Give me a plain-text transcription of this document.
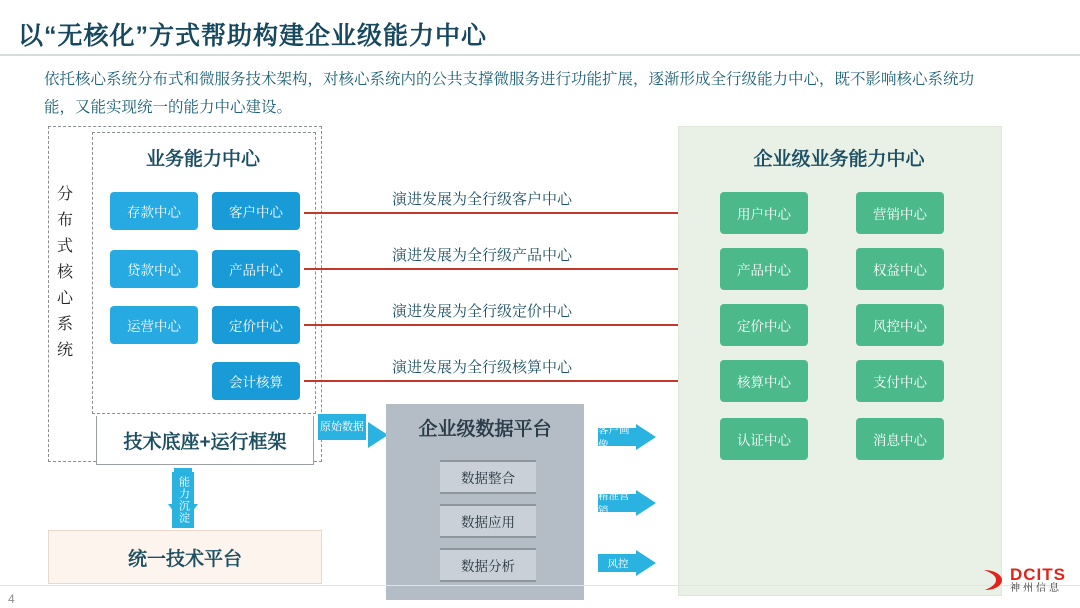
以“无核化”方式帮助构建企业级能力中心
依托核心系统分布式和微服务技术架构，对核心系统内的公共支撑微服务进行功能扩展，逐渐形成全行级能力中心，既不影响核心系统功能，又能实现统一的能力中心建设。
分布式核心系统
业务能力中心
存款中心
贷款中心
运营中心
客户中心
产品中心
定价中心
会计核算
技术底座+运行框架
能力沉淀
统一技术平台
原始数据	企业级数据平台
数据整合
数据应用
数据分析
客户画像
精准营销
风控
演进发展为全行级客户中心
演进发展为全行级产品中心
演进发展为全行级定价中心
演进发展为全行级核算中心
企业级业务能力中心
用户中心
产品中心
定价中心
核算中心
认证中心
营销中心
权益中心
风控中心
支付中心
消息中心
4
DCITS
神州信息
